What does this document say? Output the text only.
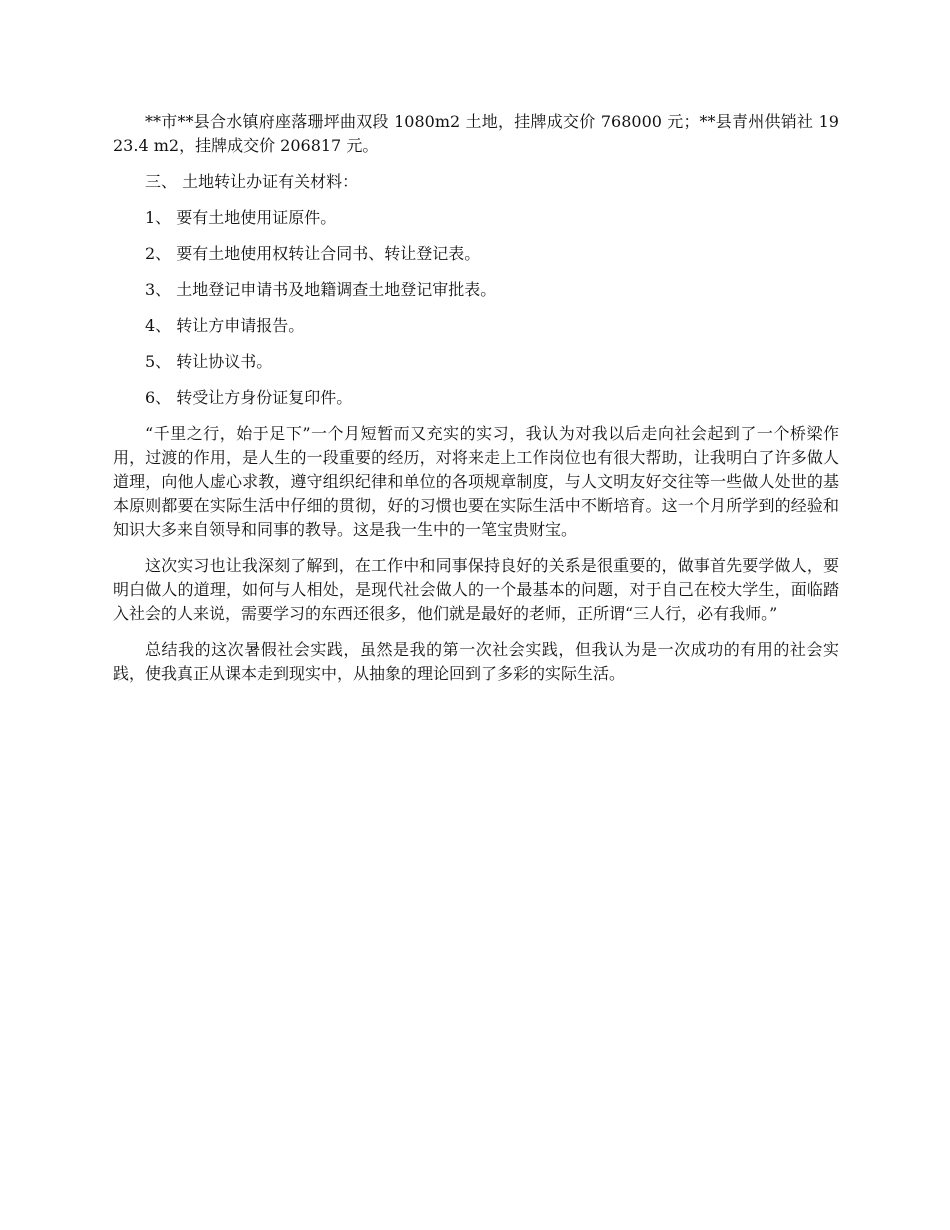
**市**县合水镇府座落珊坪曲双段 1080m2 土地，挂牌成交价 768000 元；**县青州供销社 1923.4 m2，挂牌成交价 206817 元。

三、 土地转让办证有关材料：

1、 要有土地使用证原件。

2、 要有土地使用权转让合同书、转让登记表。

3、 土地登记申请书及地籍调查土地登记审批表。

4、 转让方申请报告。

5、 转让协议书。

6、 转受让方身份证复印件。

“千里之行，始于足下”一个月短暂而又充实的实习，我认为对我以后走向社会起到了一个桥梁作用，过渡的作用，是人生的一段重要的经历，对将来走上工作岗位也有很大帮助，让我明白了许多做人道理，向他人虚心求教，遵守组织纪律和单位的各项规章制度，与人文明友好交往等一些做人处世的基本原则都要在实际生活中仔细的贯彻，好的习惯也要在实际生活中不断培育。这一个月所学到的经验和知识大多来自领导和同事的教导。这是我一生中的一笔宝贵财宝。

这次实习也让我深刻了解到，在工作中和同事保持良好的关系是很重要的，做事首先要学做人，要明白做人的道理，如何与人相处，是现代社会做人的一个最基本的问题，对于自己在校大学生，面临踏入社会的人来说，需要学习的东西还很多，他们就是最好的老师，正所谓“三人行，必有我师。”

总结我的这次暑假社会实践，虽然是我的第一次社会实践，但我认为是一次成功的有用的社会实践，使我真正从课本走到现实中，从抽象的理论回到了多彩的实际生活。
